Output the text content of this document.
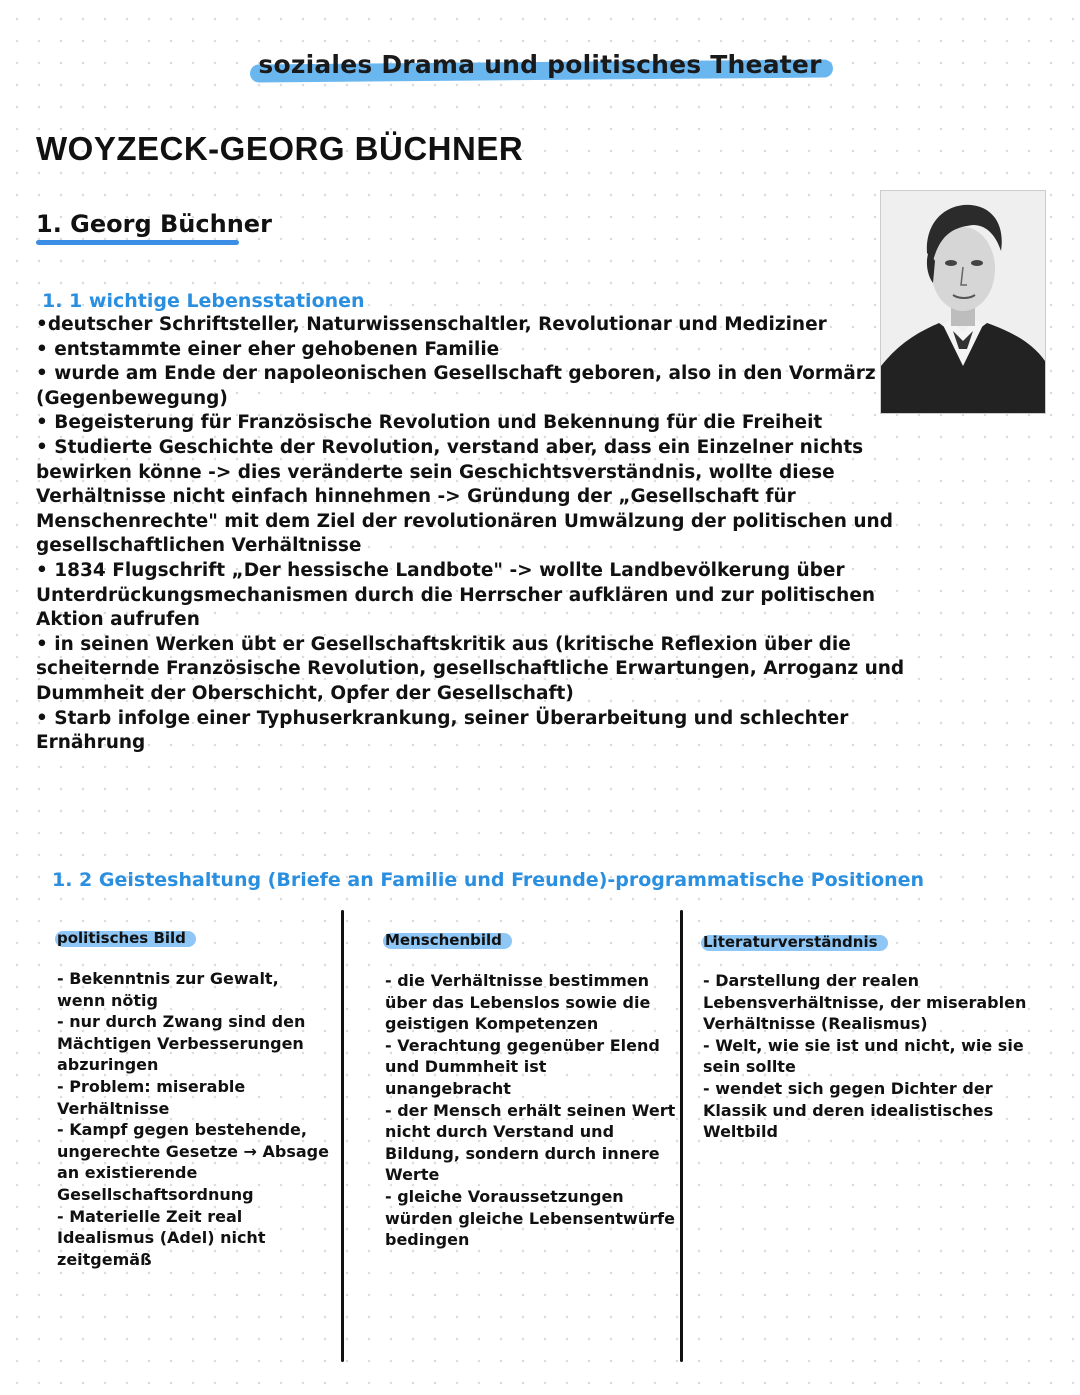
soziales Drama und politisches Theater
WOYZECK-GEORG BÜCHNER
1. Georg Büchner
1. 1 wichtige Lebensstationen

•deutscher Schriftsteller, Naturwissenschaltler, Revolutionar und Mediziner

• entstammte einer eher gehobenen Familie

• wurde am Ende der napoleonischen Gesellschaft geboren, also in den Vormärz (Gegenbewegung)

• Begeisterung für Französische Revolution und Bekennung für die Freiheit

• Studierte Geschichte der Revolution, verstand aber, dass ein Einzelner nichts bewirken könne -> dies veränderte sein Geschichtsverständnis, wollte diese Verhältnisse nicht einfach hinnehmen -> Gründung der „Gesellschaft für Menschenrechte" mit dem Ziel der revolutionären Umwälzung der politischen und gesellschaftlichen Verhältnisse

• 1834 Flugschrift „Der hessische Landbote" -> wollte Landbevölkerung über Unterdrückungsmechanismen durch die Herrscher aufklären und zur politischen Aktion aufrufen

• in seinen Werken übt er Gesellschaftskritik aus (kritische Reflexion über die scheiternde Französische Revolution, gesellschaftliche Erwartungen, Arroganz und Dummheit der Oberschicht, Opfer der Gesellschaft)

• Starb infolge einer Typhuserkrankung, seiner Überarbeitung und schlechter Ernährung

1. 2 Geisteshaltung (Briefe an Familie und Freunde)-programmatische Positionen
politisches Bild

- Bekenntnis zur Gewalt, wenn nötig

- nur durch Zwang sind den Mächtigen Verbesserungen abzuringen

- Problem: miserable Verhältnisse

- Kampf gegen bestehende, ungerechte Gesetze → Absage an existierende Gesellschaftsordnung

- Materielle Zeit real Idealismus (Adel) nicht zeitgemäß

Menschenbild

- die Verhältnisse bestimmen über das Lebenslos sowie die geistigen Kompetenzen

- Verachtung gegenüber Elend und Dummheit ist unangebracht

- der Mensch erhält seinen Wert nicht durch Verstand und Bildung, sondern durch innere Werte

- gleiche Voraussetzungen würden gleiche Lebensentwürfe bedingen

Literaturverständnis

- Darstellung der realen Lebensverhältnisse, der miserablen Verhältnisse (Realismus)

- Welt, wie sie ist und nicht, wie sie sein sollte

- wendet sich gegen Dichter der Klassik und deren idealistisches Weltbild
